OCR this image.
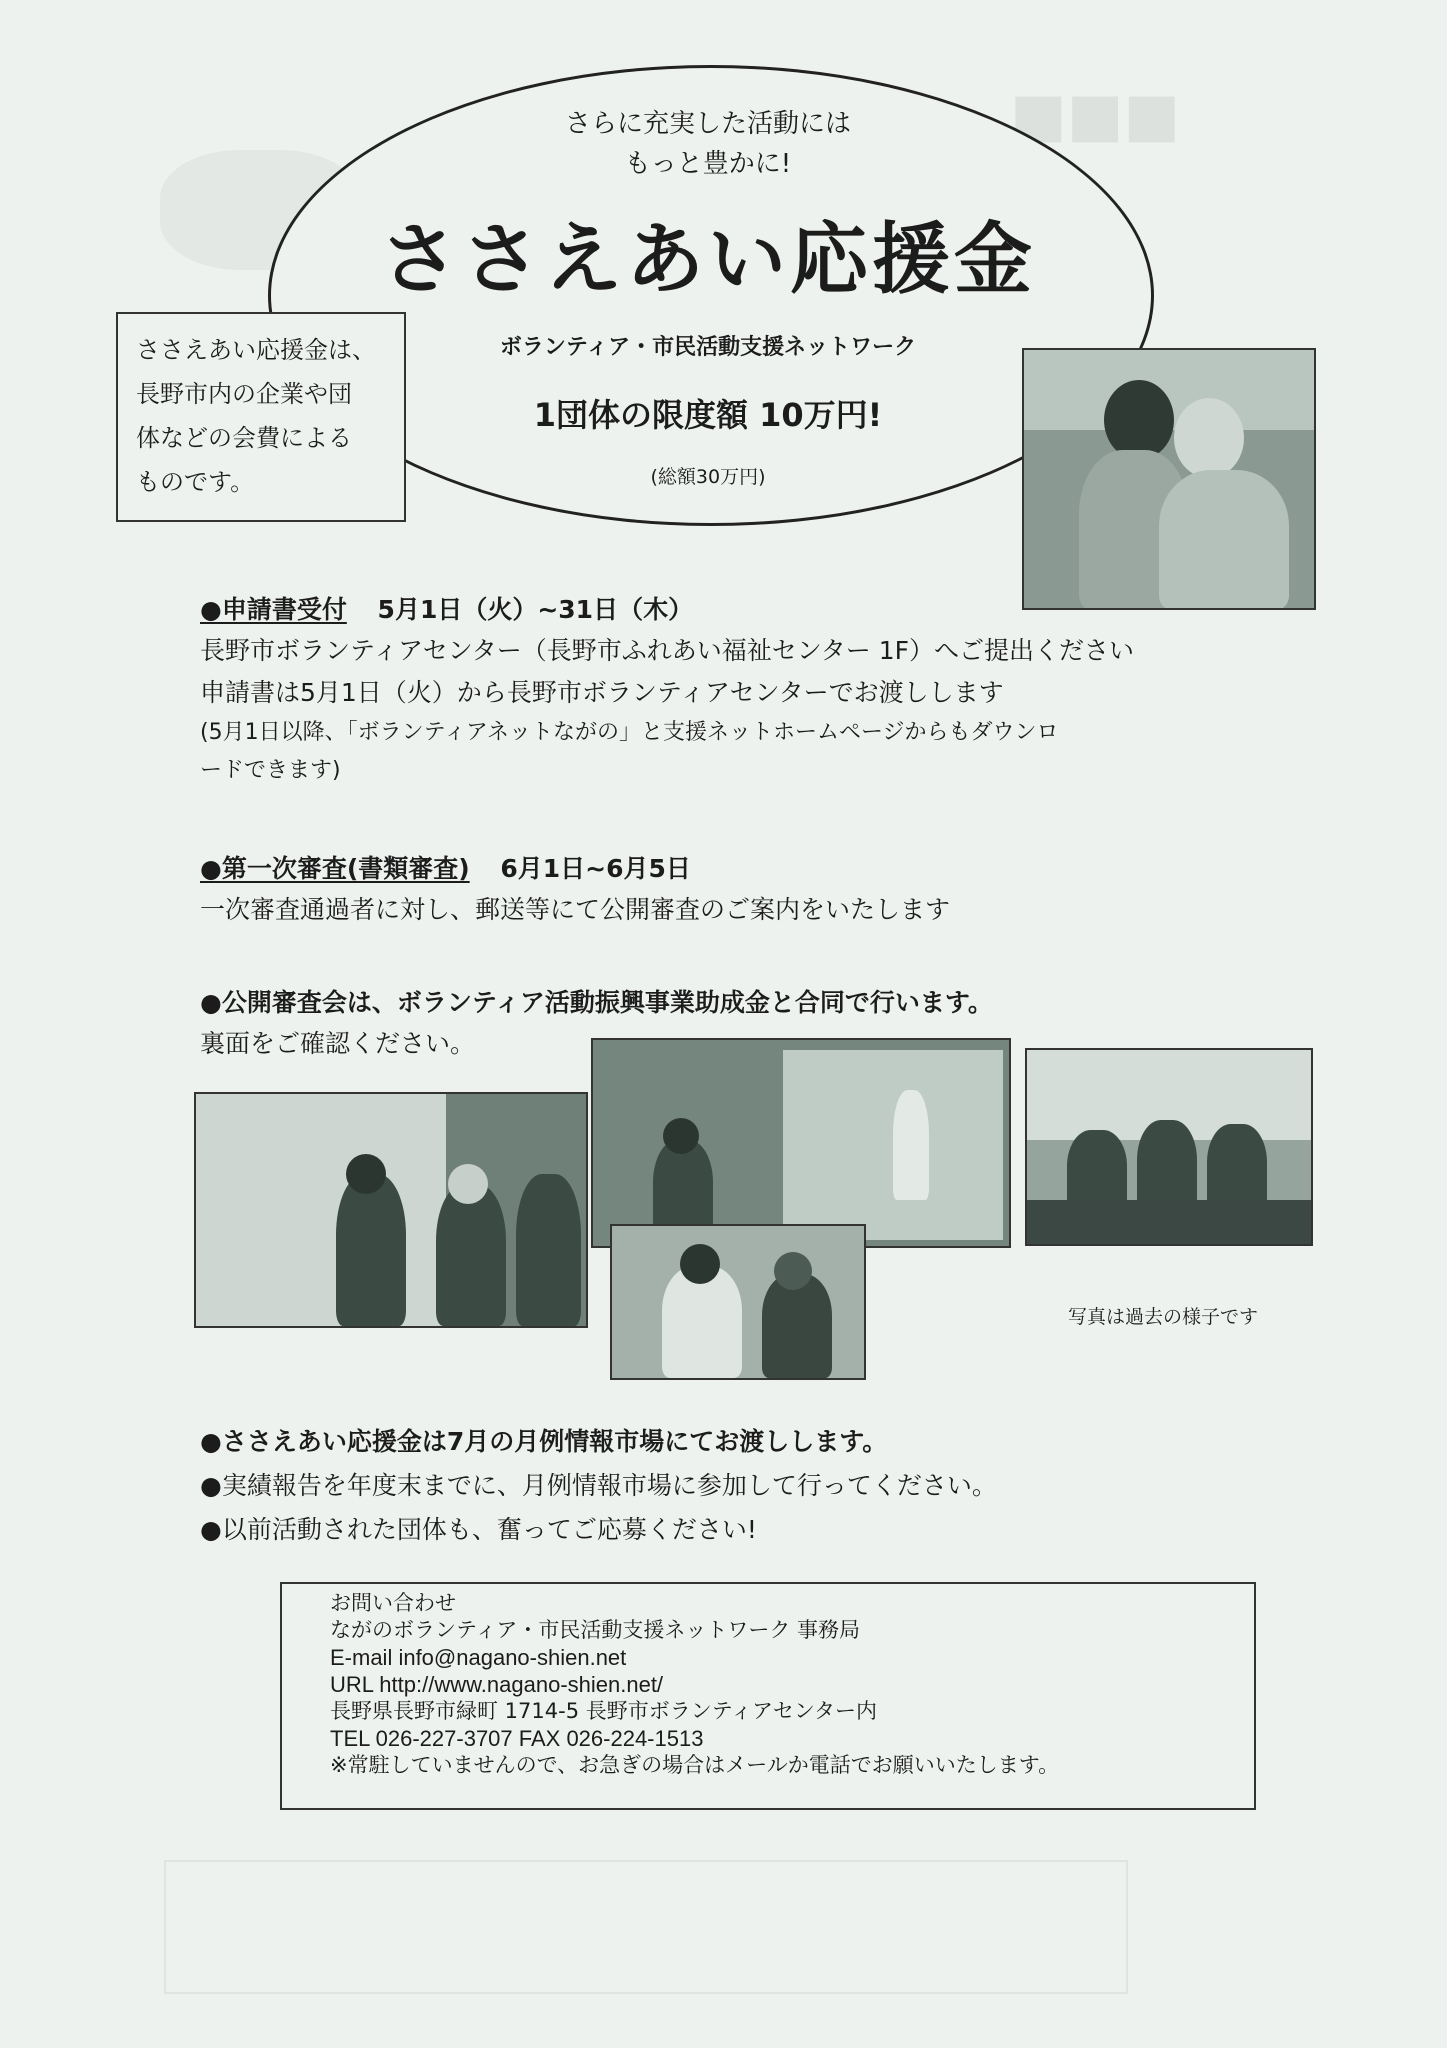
■■■
さらに充実した活動には
もっと豊かに!
ささえあい応援金
ボランティア・市民活動支援ネットワーク
1団体の限度額 10万円!
(総額30万円)
ささえあい応援金は、
長野市内の企業や団
体などの会費による
ものです。
●申請書受付 5月1日（火）~31日（木）
長野市ボランティアセンター（長野市ふれあい福祉センター 1F）へご提出ください
申請書は5月1日（火）から長野市ボランティアセンターでお渡しします
(5月1日以降、「ボランティアネットながの」と支援ネットホームページからもダウンロ
ードできます)
●第一次審査(書類審査) 6月1日~6月5日
一次審査通過者に対し、郵送等にて公開審査のご案内をいたします
●公開審査会は、ボランティア活動振興事業助成金と合同で行います。
裏面をご確認ください。
写真は過去の様子です
●ささえあい応援金は7月の月例情報市場にてお渡しします。
●実績報告を年度末までに、月例情報市場に参加して行ってください。
●以前活動された団体も、奮ってご応募ください!
お問い合わせ
ながのボランティア・市民活動支援ネットワーク 事務局
E-mail info@nagano-shien.net
URL http://www.nagano-shien.net/
長野県長野市緑町 1714-5 長野市ボランティアセンター内
TEL 026-227-3707 FAX 026-224-1513
※常駐していませんので、お急ぎの場合はメールか電話でお願いいたします。
